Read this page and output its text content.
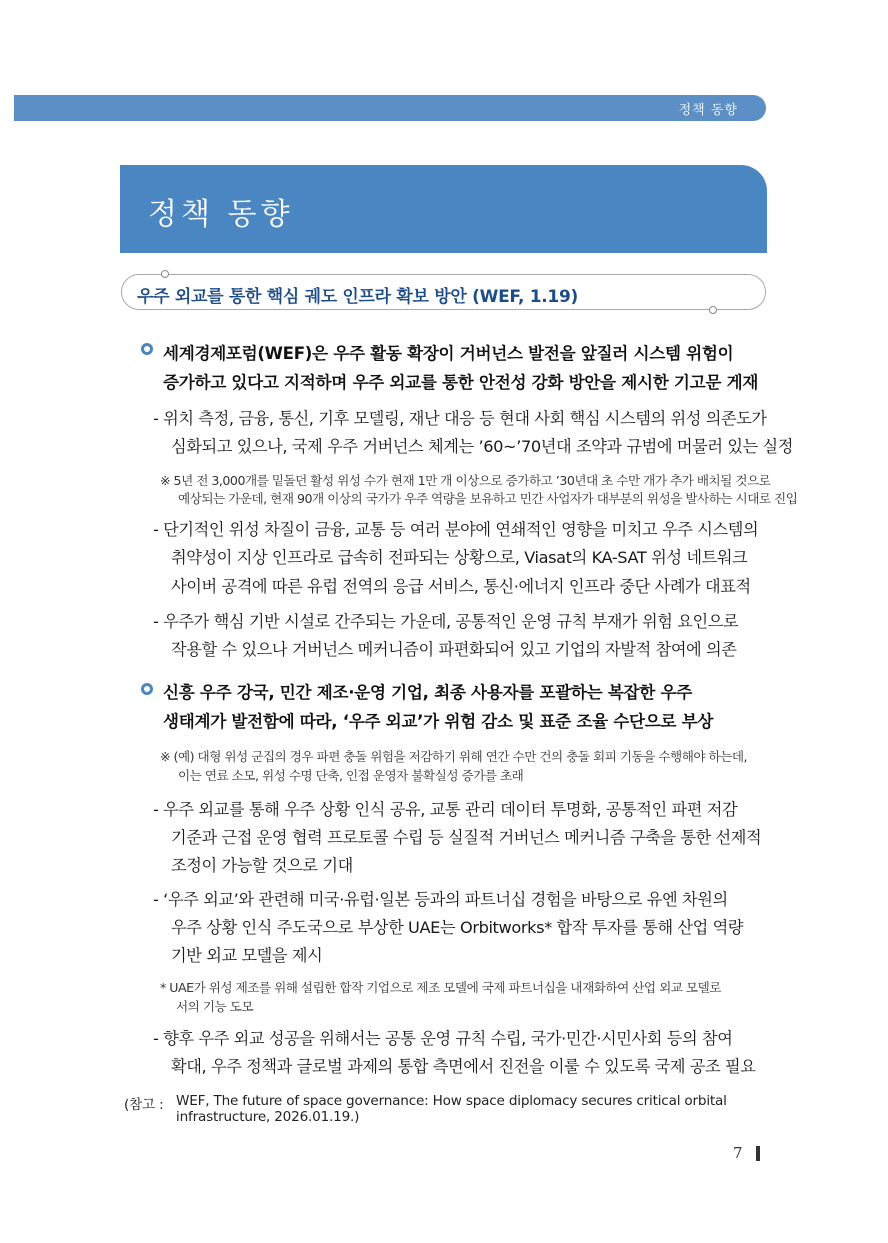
정책 동향
정책 동향
우주 외교를 통한 핵심 궤도 인프라 확보 방안 (WEF, 1.19)
세계경제포럼(WEF)은 우주 활동 확장이 거버넌스 발전을 앞질러 시스템 위험이
증가하고 있다고 지적하며 우주 외교를 통한 안전성 강화 방안을 제시한 기고문 게재
- 위치 측정, 금융, 통신, 기후 모델링, 재난 대응 등 현대 사회 핵심 시스템의 위성 의존도가
심화되고 있으나, 국제 우주 거버넌스 체계는 ’60~’70년대 조약과 규범에 머물러 있는 실정
※ 5년 전 3,000개를 밑돌던 활성 위성 수가 현재 1만 개 이상으로 증가하고 ’30년대 초 수만 개가 추가 배치될 것으로
예상되는 가운데, 현재 90개 이상의 국가가 우주 역량을 보유하고 민간 사업자가 대부분의 위성을 발사하는 시대로 진입
- 단기적인 위성 차질이 금융, 교통 등 여러 분야에 연쇄적인 영향을 미치고 우주 시스템의
취약성이 지상 인프라로 급속히 전파되는 상황으로, Viasat의 KA-SAT 위성 네트워크
사이버 공격에 따른 유럽 전역의 응급 서비스, 통신·에너지 인프라 중단 사례가 대표적
- 우주가 핵심 기반 시설로 간주되는 가운데, 공통적인 운영 규칙 부재가 위험 요인으로
작용할 수 있으나 거버넌스 메커니즘이 파편화되어 있고 기업의 자발적 참여에 의존
신흥 우주 강국, 민간 제조·운영 기업, 최종 사용자를 포괄하는 복잡한 우주
생태계가 발전함에 따라, ‘우주 외교’가 위험 감소 및 표준 조율 수단으로 부상
※ (예) 대형 위성 군집의 경우 파편 충돌 위험을 저감하기 위해 연간 수만 건의 충돌 회피 기동을 수행해야 하는데,
이는 연료 소모, 위성 수명 단축, 인접 운영자 불확실성 증가를 초래
- 우주 외교를 통해 우주 상황 인식 공유, 교통 관리 데이터 투명화, 공통적인 파편 저감
기준과 근접 운영 협력 프로토콜 수립 등 실질적 거버넌스 메커니즘 구축을 통한 선제적
조정이 가능할 것으로 기대
- ‘우주 외교’와 관련해 미국·유럽·일본 등과의 파트너십 경험을 바탕으로 유엔 차원의
우주 상황 인식 주도국으로 부상한 UAE는 Orbitworks* 합작 투자를 통해 산업 역량
기반 외교 모델을 제시
* UAE가 위성 제조를 위해 설립한 합작 기업으로 제조 모델에 국제 파트너십을 내재화하여 산업 외교 모델로
서의 기능 도모
- 향후 우주 외교 성공을 위해서는 공통 운영 규칙 수립, 국가·민간·시민사회 등의 참여
확대, 우주 정책과 글로벌 과제의 통합 측면에서 진전을 이룰 수 있도록 국제 공조 필요
(참고 : WEF, The future of space governance: How space diplomacy secures critical orbital
infrastructure, 2026.01.19.)
7
